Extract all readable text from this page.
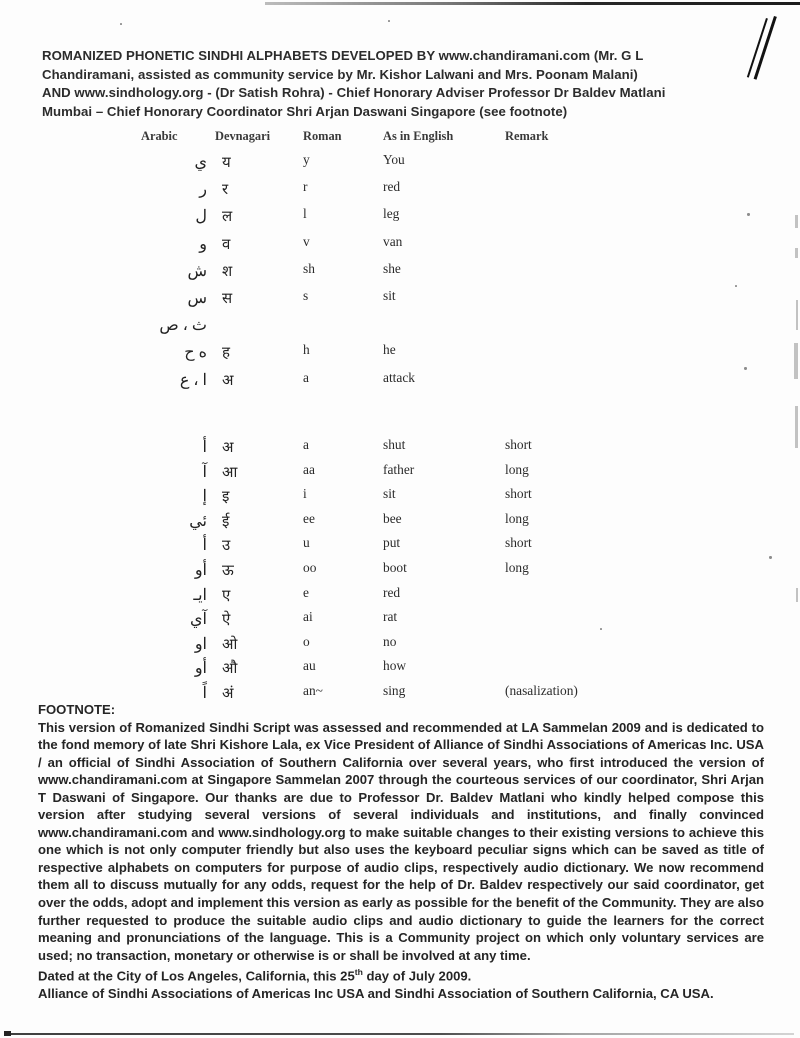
ROMANIZED PHONETIC SINDHI ALPHABETS DEVELOPED BY www.chandiramani.com (Mr. G L
Chandiramani, assisted as community service by Mr. Kishor Lalwani and Mrs. Poonam Malani)
AND www.sindhology.org - (Dr Satish Rohra) - Chief Honorary Adviser Professor Dr Baldev Matlani
Mumbai – Chief Honorary Coordinator Shri Arjan Daswani Singapore (see footnote)
Arabic	Devnagari	Roman	As in English	Remark
ي	य	y	You
ر	र	r	red
ل	ल	l	leg
و	व	v	van
ش	श	sh	she
س	स	s	sit
ث ، ص
ه ح	ह	h	he
ا ، ع	अ	a	attack
أ	अ	a	shut	short
آ	आ	aa	father	long
إ	इ	i	sit	short
ئي	ई	ee	bee	long
أ	उ	u	put	short
أو	ऊ	oo	boot	long
ايـ	ए	e	red
آي	ऐ	ai	rat
او	ओ	o	no
أو	औ	au	how
اً	अं	an~	sing	(nasalization)
FOOTNOTE:
This version of Romanized Sindhi Script was assessed and recommended at LA Sammelan 2009 and is dedicated to the fond memory of late Shri Kishore Lala, ex Vice President of Alliance of Sindhi Associations of Americas Inc. USA / an official of Sindhi Association of Southern California over several years, who first introduced the version of www.chandiramani.com at Singapore Sammelan 2007 through the courteous services of our coordinator, Shri Arjan T Daswani of Singapore. Our thanks are due to Professor Dr. Baldev Matlani who kindly helped compose this version after studying several versions of several individuals and institutions, and finally convinced www.chandiramani.com and www.sindhology.org to make suitable changes to their existing versions to achieve this one which is not only computer friendly but also uses the keyboard peculiar signs which can be saved as title of respective alphabets on computers for purpose of audio clips, respectively audio dictionary. We now recommend them all to discuss mutually for any odds, request for the help of Dr. Baldev respectively our said coordinator, get over the odds, adopt and implement this version as early as possible for the benefit of the Community. They are also further requested to produce the suitable audio clips and audio dictionary to guide the learners for the correct meaning and pronunciations of the language. This is a Community project on which only voluntary services are used; no transaction, monetary or otherwise is or shall be involved at any time.
Dated at the City of Los Angeles, California, this 25th day of July 2009.
Alliance of Sindhi Associations of Americas Inc USA and Sindhi Association of Southern California, CA USA.
